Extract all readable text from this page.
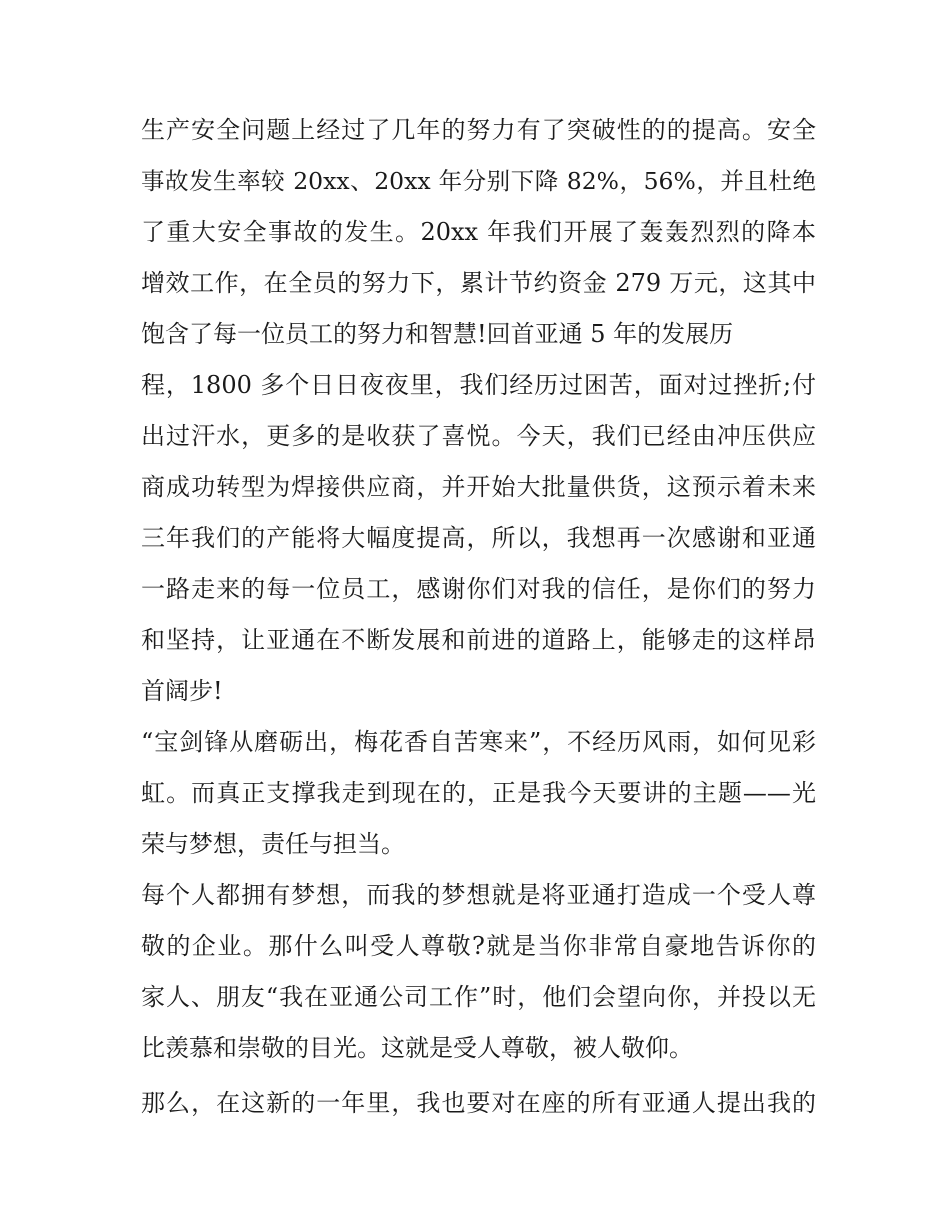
生产安全问题上经过了几年的努力有了突破性的的提高。安全
事故发生率较 20xx、20xx 年分别下降 82%，56%，并且杜绝
了重大安全事故的发生。20xx 年我们开展了轰轰烈烈的降本
增效工作，在全员的努力下，累计节约资金 279 万元，这其中
饱含了每一位员工的努力和智慧!回首亚通 5 年的发展历
程，1800 多个日日夜夜里，我们经历过困苦，面对过挫折;付
出过汗水，更多的是收获了喜悦。今天，我们已经由冲压供应
商成功转型为焊接供应商，并开始大批量供货，这预示着未来
三年我们的产能将大幅度提高，所以，我想再一次感谢和亚通
一路走来的每一位员工，感谢你们对我的信任，是你们的努力
和坚持，让亚通在不断发展和前进的道路上，能够走的这样昂
首阔步!
“宝剑锋从磨砺出，梅花香自苦寒来”，不经历风雨，如何见彩
虹。而真正支撑我走到现在的，正是我今天要讲的主题——光
荣与梦想，责任与担当。
每个人都拥有梦想，而我的梦想就是将亚通打造成一个受人尊
敬的企业。那什么叫受人尊敬?就是当你非常自豪地告诉你的
家人、朋友“我在亚通公司工作”时，他们会望向你，并投以无
比羡慕和崇敬的目光。这就是受人尊敬，被人敬仰。
那么，在这新的一年里，我也要对在座的所有亚通人提出我的
